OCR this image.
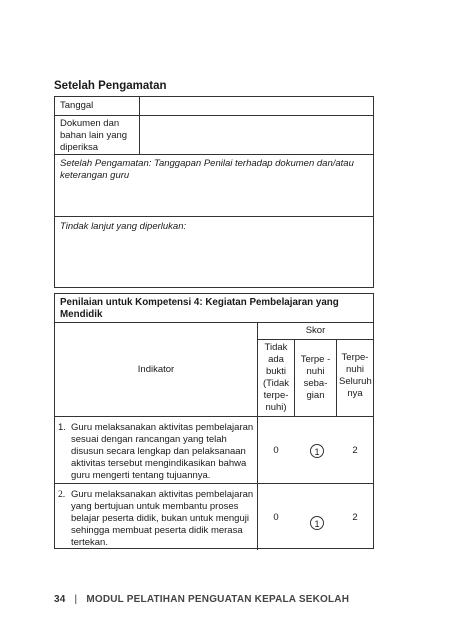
Setelah Pengamatan
Tanggal
Dokumen dan bahan lain yang diperiksa
Setelah Pengamatan: Tanggapan Penilai terhadap dokumen dan/atau keterangan guru
Tindak lanjut yang diperlukan:
Penilaian untuk Kompetensi 4: Kegiatan Pembelajaran yang Mendidik
Skor
Indikator
Tidak ada bukti (Tidak terpe-nuhi)
Terpe -nuhi seba-gian
Terpe-nuhi Seluruh nya
1. Guru melaksanakan aktivitas pembelajaran sesuai dengan rancangan yang telah disusun secara lengkap dan pelaksanaan aktivitas tersebut mengindikasikan bahwa guru mengerti tentang tujuannya.
0	1	2
2. Guru melaksanakan aktivitas pembelajaran yang bertujuan untuk membantu proses belajar peserta didik, bukan untuk menguji sehingga membuat peserta didik merasa tertekan.
0
1
2
34 | MODUL PELATIHAN PENGUATAN KEPALA SEKOLAH
